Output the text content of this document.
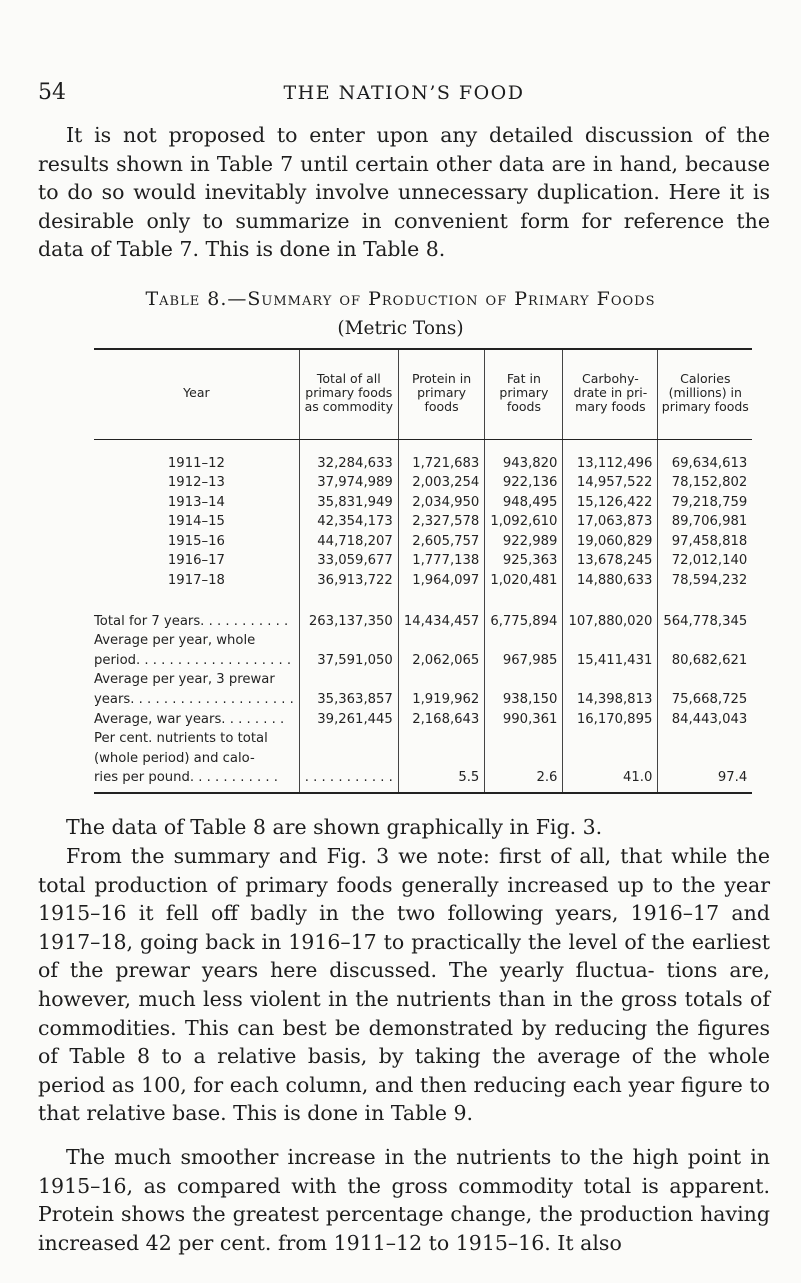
54	THE NATION’S FOOD

It is not proposed to enter upon any detailed discussion of the results shown in Table 7 until certain other data are in hand, because to do so would inevitably involve unnecessary duplication. Here it is desirable only to summarize in convenient form for reference the data of Table 7. This is done in Table 8.

Table 8.—Summary of Production of Primary Foods
(Metric Tons)
Year	Total of all primary foods as commodity	Protein in primary foods	Fat in primary foods	Carbohy- drate in pri- mary foods	Calories (millions) in primary foods

1911–12	32,284,633	1,721,683	943,820	13,112,496	69,634,613
1912–13	37,974,989	2,003,254	922,136	14,957,522	78,152,802
1913–14	35,831,949	2,034,950	948,495	15,126,422	79,218,759
1914–15	42,354,173	2,327,578	1,092,610	17,063,873	89,706,981
1915–16	44,718,207	2,605,757	922,989	19,060,829	97,458,818
1916–17	33,059,677	1,777,138	925,363	13,678,245	72,012,140
1917–18	36,913,722	1,964,097	1,020,481	14,880,633	78,594,232

Total for 7 years. . . . . . . . . . .	263,137,350	14,434,457	6,775,894	107,880,020	564,778,345
Average per year, whole					
period. . . . . . . . . . . . . . . . . . .	37,591,050	2,062,065	967,985	15,411,431	80,682,621
Average per year, 3 prewar					
years. . . . . . . . . . . . . . . . . . . .	35,363,857	1,919,962	938,150	14,398,813	75,668,725
Average, war years. . . . . . . .	39,261,445	2,168,643	990,361	16,170,895	84,443,043
Per cent. nutrients to total					
(whole period) and calo-					
ries per pound. . . . . . . . . . .	. . . . . . . . . . .	5.5	2.6	41.0	97.4

The data of Table 8 are shown graphically in Fig. 3.

From the summary and Fig. 3 we note: first of all, that while the total production of primary foods generally increased up to the year 1915–16 it fell off badly in the two following years, 1916–17 and 1917–18, going back in 1916–17 to practically the level of the earliest of the prewar years here discussed. The yearly fluctua- tions are, however, much less violent in the nutrients than in the gross totals of commodities. This can best be demonstrated by reducing the figures of Table 8 to a relative basis, by taking the average of the whole period as 100, for each column, and then reducing each year figure to that relative base. This is done in Table 9.

The much smoother increase in the nutrients to the high point in 1915–16, as compared with the gross commodity total is apparent. Protein shows the greatest percentage change, the production having increased 42 per cent. from 1911–12 to 1915–16. It also
